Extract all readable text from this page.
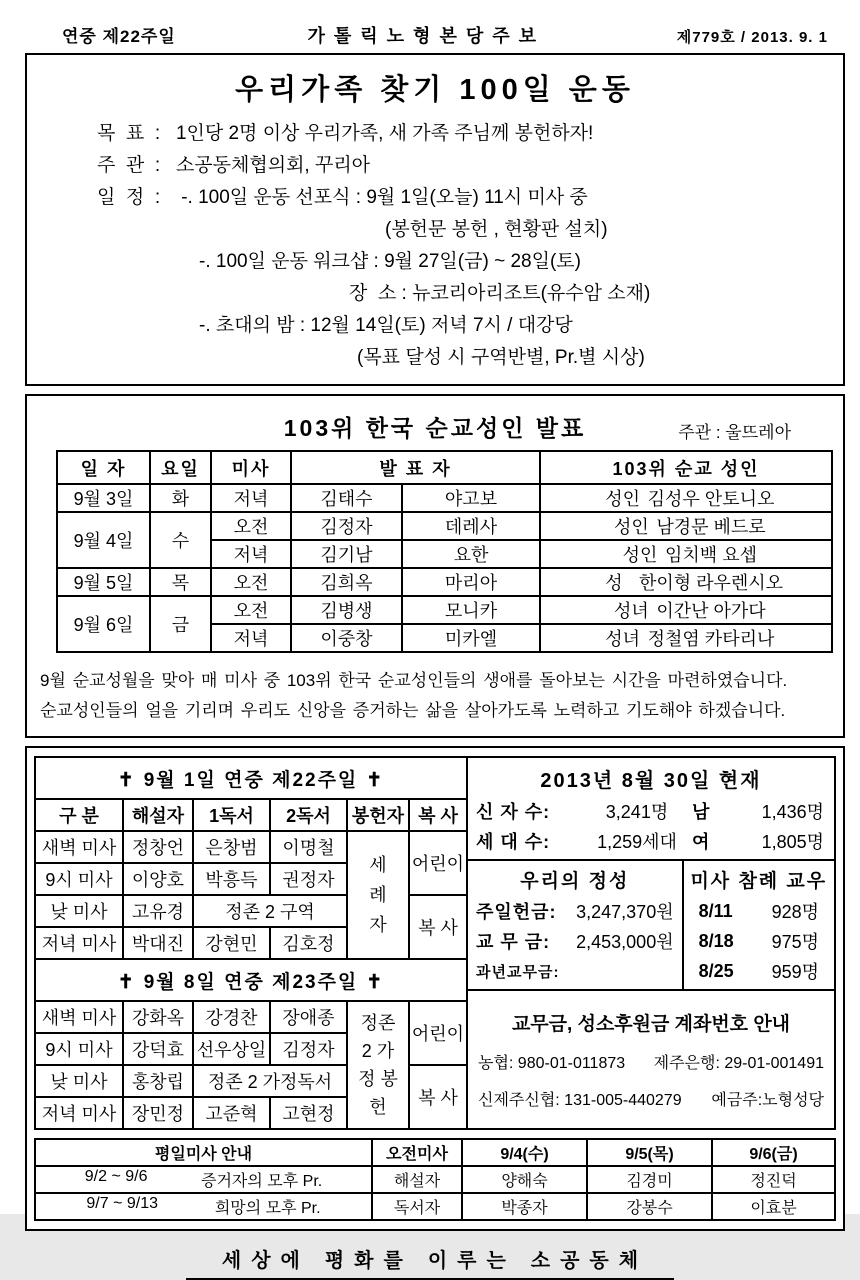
연중 제22주일	가톨릭노형본당주보	제779호 / 2013. 9. 1
우리가족 찾기 100일 운동
목  표  :   1인당 2명 이상 우리가족, 새 가족 주님께 봉헌하자!
주  관  :   소공동체협의회, 꾸리아
일  정  :    -. 100일 운동 선포식 : 9월 1일(오늘) 11시 미사 중
(봉헌문 봉헌 , 현황판 설치)
-. 100일 운동 워크샵 : 9월 27일(금) ~ 28일(토)
장  소 : 뉴코리아리조트(유수암 소재)
-. 초대의 밤 : 12월 14일(토) 저녁 7시 / 대강당
(목표 달성 시 구역반별, Pr.별 시상)
103위 한국 순교성인 발표	주관 : 울뜨레아
일 자	요일	미사	발 표 자		103위 순교 성인
9월 3일	화	저녁	김태수	야고보	성인 김성우 안토니오
9월 4일	수	오전	김정자	데레사	성인 남경문 베드로
		저녁	김기남	요한	성인 임치백 요셉
9월 5일	목	오전	김희옥	마리아	성 한이형 라우렌시오
9월 6일	금	오전	김병생	모니카	성녀 이간난 아가다
		저녁	이중창	미카엘	성녀 정철염 카타리나
9월 순교성월을 맞아 매 미사 중 103위 한국 순교성인들의 생애를 돌아보는 시간을 마련하였습니다.
순교성인들의 얼을 기리며 우리도 신앙을 증거하는 삶을 살아가도록 노력하고 기도해야 하겠습니다.
✝ 9월 1일 연중 제22주일 ✝					
구 분	해설자	1독서	2독서	봉헌자	복 사
새벽 미사	정창언	은창범	이명철	세례자	어린이
9시 미사	이양호	박흥득	권정자		
낮 미사	고유경	정존 2 구역			복 사
저녁 미사	박대진	강현민	김호정		
✝ 9월 8일 연중 제23주일 ✝					
새벽 미사	강화옥	강경찬	장애종	정존 2 가정 봉헌	어린이
9시 미사	강덕효	선우상일	김정자		
낮 미사	홍창립	정존 2 가정독서			복 사
저녁 미사	장민정	고준혁	고현정		
2013년 8월 30일 현재
신 자 수:	3,241명	남	1,436명
세 대 수:	1,259세대 여	1,805명
우리의 정성
주일헌금: 3,247,370원
교 무 금: 2,453,000원
과년교무금:
미사 참례 교우
8/11 928명
8/18 975명
8/25 959명
교무금, 성소후원금 계좌번호 안내
농협: 980-01-011873 제주은행: 29-01-001491
신제주신협: 131-005-440279 예금주:노형성당
평일미사 안내	오전미사	9/4(수)	9/5(목)	9/6(금)

9/2 ~ 9/6 증거자의 모후 Pr.	해설자	양해숙	김경미	정진덕

9/7 ~ 9/13 희망의 모후 Pr.	독서자	박종자	강봉수	이효분
세상에 평화를 이루는 소공동체
